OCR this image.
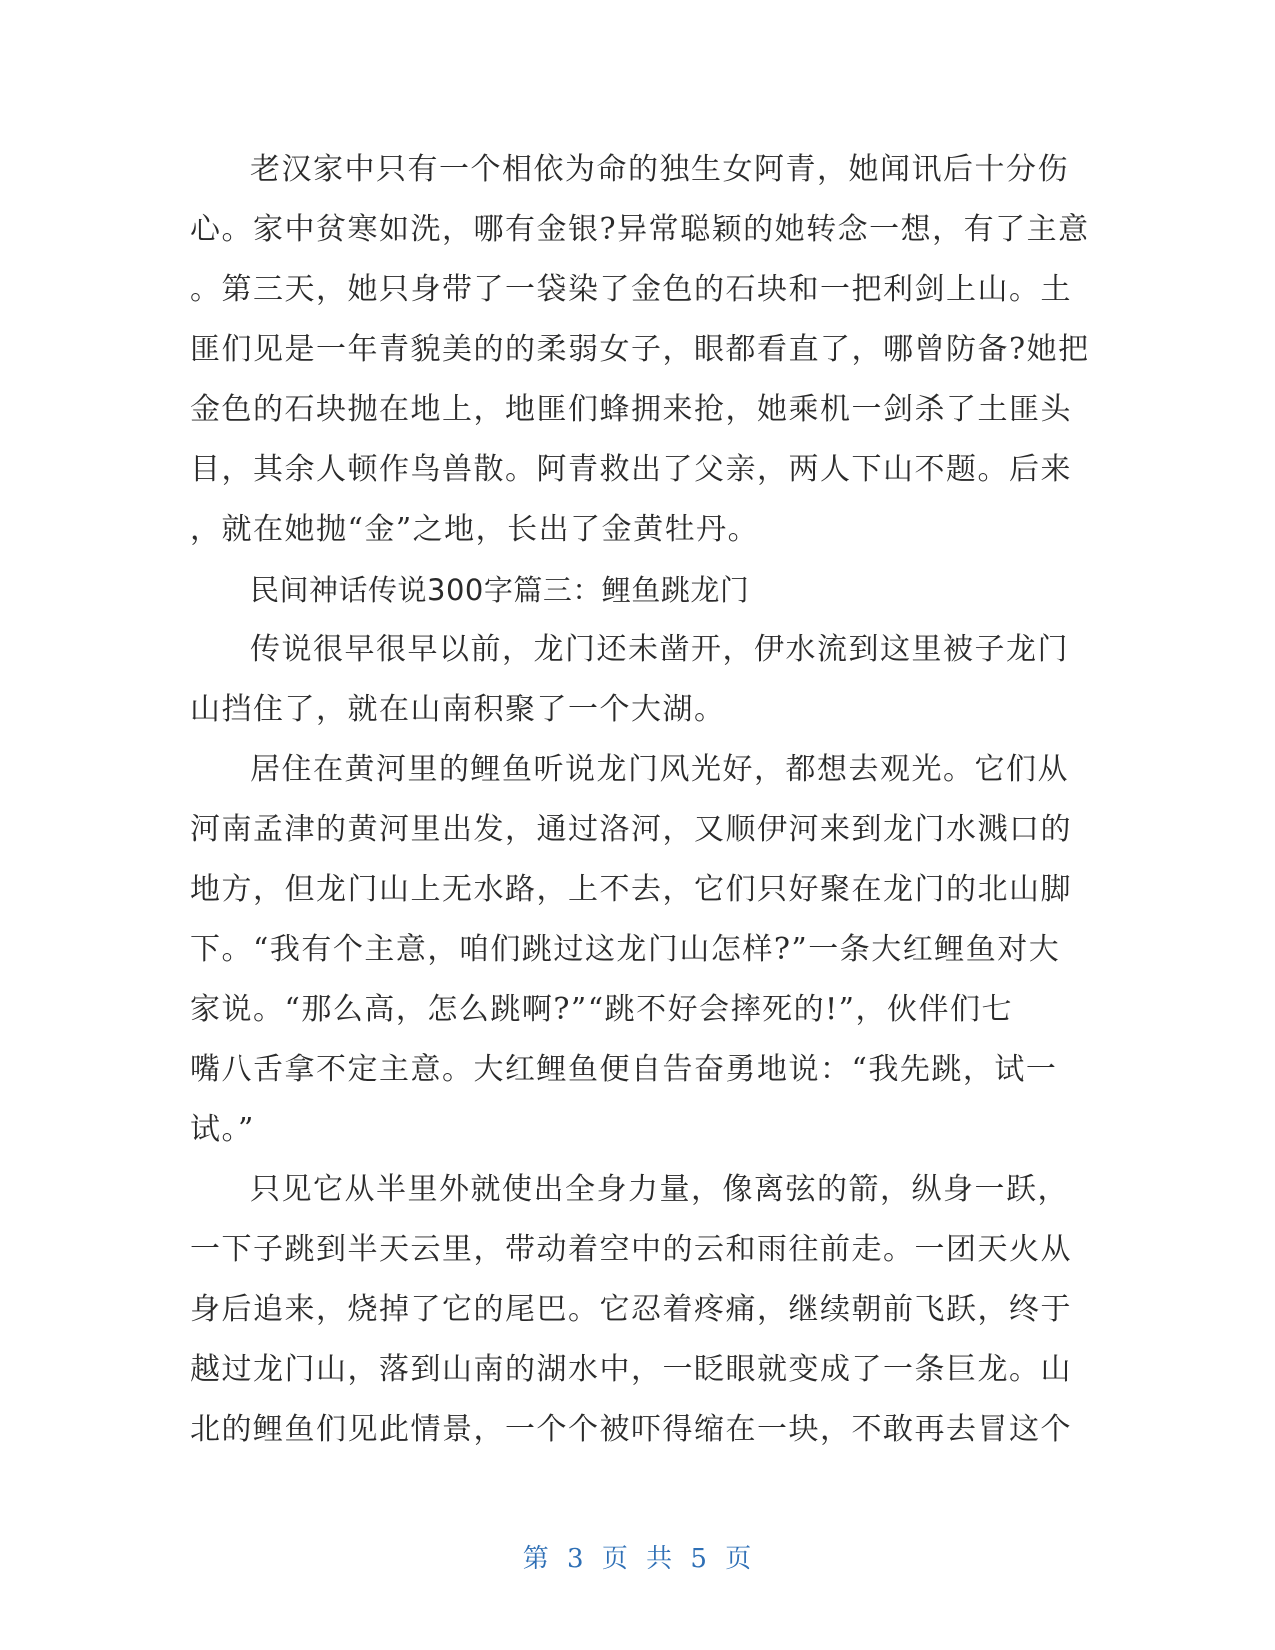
老汉家中只有一个相依为命的独生女阿青，她闻讯后十分伤
心。家中贫寒如洗，哪有金银?异常聪颖的她转念一想，有了主意
。第三天，她只身带了一袋染了金色的石块和一把利剑上山。土
匪们见是一年青貌美的的柔弱女子，眼都看直了，哪曾防备?她把
金色的石块抛在地上，地匪们蜂拥来抢，她乘机一剑杀了土匪头
目，其余人顿作鸟兽散。阿青救出了父亲，两人下山不题。后来
，就在她抛“金”之地，长出了金黄牡丹。
民间神话传说300字篇三：鲤鱼跳龙门
传说很早很早以前，龙门还未凿开，伊水流到这里被子龙门
山挡住了，就在山南积聚了一个大湖。
居住在黄河里的鲤鱼听说龙门风光好，都想去观光。它们从
河南孟津的黄河里出发，通过洛河，又顺伊河来到龙门水溅口的
地方，但龙门山上无水路，上不去，它们只好聚在龙门的北山脚
下。“我有个主意，咱们跳过这龙门山怎样?”一条大红鲤鱼对大
家说。“那么高，怎么跳啊?”“跳不好会摔死的!”，伙伴们七
嘴八舌拿不定主意。大红鲤鱼便自告奋勇地说：“我先跳，试一
试。”
只见它从半里外就使出全身力量，像离弦的箭，纵身一跃，
一下子跳到半天云里，带动着空中的云和雨往前走。一团天火从
身后追来，烧掉了它的尾巴。它忍着疼痛，继续朝前飞跃，终于
越过龙门山，落到山南的湖水中，一眨眼就变成了一条巨龙。山
北的鲤鱼们见此情景，一个个被吓得缩在一块，不敢再去冒这个
第 3 页 共 5 页
